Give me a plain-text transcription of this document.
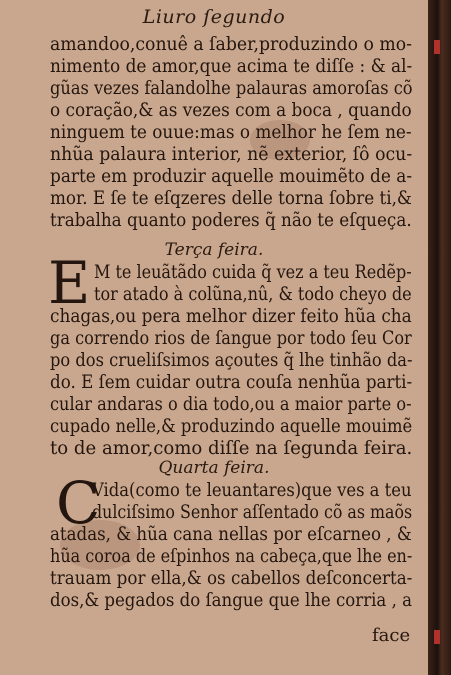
Liuro ſegundo
amandoo,conuê a ſaber,produzindo o mo-
nimento de amor,que acima te diſſe : & al-
gũas vezes falandolhe palauras amoroſas cõ
o coração,& as vezes com a boca , quando
ninguem te ouue:mas o melhor he ſem ne-
nhũa palaura interior, nẽ exterior, ſô ocu-
parte em produzir aquelle mouimẽto de a-
mor. E ſe te eſqzeres delle torna ſobre ti,&
trabalha quanto poderes q̃ não te eſqueça.
Terça feira.
E M te leuãtãdo cuida q̃ vez a teu Redẽp-
tor atado à colũna,nû, & todo cheyo de
chagas,ou pera melhor dizer feito hũa cha
ga correndo rios de ſangue por todo ſeu Cor
po dos crueliſsimos açoutes q̃ lhe tinhão da-
do. E ſem cuidar outra couſa nenhũa parti-
cular andaras o dia todo,ou a maior parte o-
cupado nelle,& produzindo aquelle mouimẽ
to de amor,como diſſe na ſegunda feira.
Quarta feira.
C
Vida(como te leuantares)que ves a teu
dulciſsimo Senhor aſſentado cõ as maõs
atadas, & hũa cana nellas por eſcarneo , &
hũa coroa de eſpinhos na cabeça,que lhe en-
trauam por ella,& os cabellos deſconcerta-
dos,& pegados do ſangue que lhe corria , a
face
